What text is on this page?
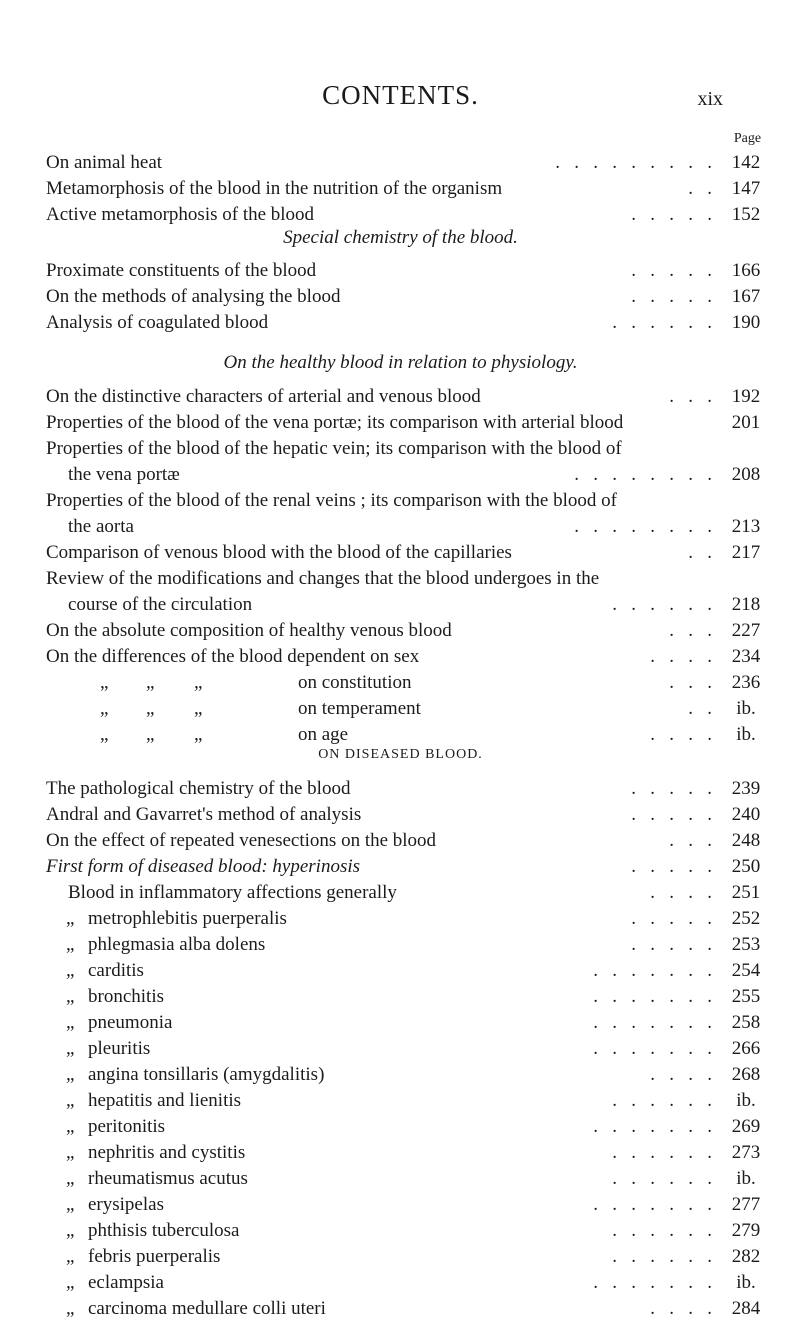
CONTENTS.	xix
Page
On animal heat	.   .   .   .   .   .   .   .   .	142
Metamorphosis of the blood in the nutrition of the organism	.   .	147
Active metamorphosis of the blood	.   .   .   .   .	152
Special chemistry of the blood.
Proximate constituents of the blood	.   .   .   .   .	166
On the methods of analysing the blood	.   .   .   .   .	167
Analysis of coagulated blood	.   .   .   .   .   .	190
On the healthy blood in relation to physiology.
On the distinctive characters of arterial and venous blood	.   .   .	192
Properties of the blood of the vena portæ; its comparison with arterial blood	201
Properties of the blood of the hepatic vein; its comparison with the blood of
the vena portæ	.   .   .   .   .   .   .   .	208
Properties of the blood of the renal veins ; its comparison with the blood of
the aorta	.   .   .   .   .   .   .   .	213
Comparison of venous blood with the blood of the capillaries	.   .	217
Review of the modifications and changes that the blood undergoes in the
course of the circulation	.   .   .   .   .   .	218
On the absolute composition of healthy venous blood	.   .   .	227
On the differences of the blood dependent on sex	.   .   .   .	234
„ „ „	on constitution	.   .   .	236
„ „ „	on temperament	.   .	ib.
„ „ „	on age	.   .   .   .	ib.
ON DISEASED BLOOD.
The pathological chemistry of the blood	.   .   .   .   .	239
Andral and Gavarret's method of analysis	.   .   .   .   .	240
On the effect of repeated venesections on the blood	.   .   .	248
First form of diseased blood: hyperinosis	.   .   .   .   .	250
Blood in inflammatory affections generally	.   .   .   .	251
„ metrophlebitis puerperalis	.   .   .   .   .	252
„ phlegmasia alba dolens	.   .   .   .   .	253
„ carditis	.   .   .   .   .   .   .	254
„ bronchitis	.   .   .   .   .   .   .	255
„ pneumonia	.   .   .   .   .   .   .	258
„ pleuritis	.   .   .   .   .   .   .	266
„ angina tonsillaris (amygdalitis)	.   .   .   .	268
„ hepatitis and lienitis	.   .   .   .   .   .	ib.
„ peritonitis	.   .   .   .   .   .   .	269
„ nephritis and cystitis	.   .   .   .   .   .	273
„ rheumatismus acutus	.   .   .   .   .   .	ib.
„ erysipelas	.   .   .   .   .   .   .	277
„ phthisis tuberculosa	.   .   .   .   .   .	279
„ febris puerperalis	.   .   .   .   .   .	282
„ eclampsia	.   .   .   .   .   .   .	ib.
„ carcinoma medullare colli uteri	.   .   .   .	284
